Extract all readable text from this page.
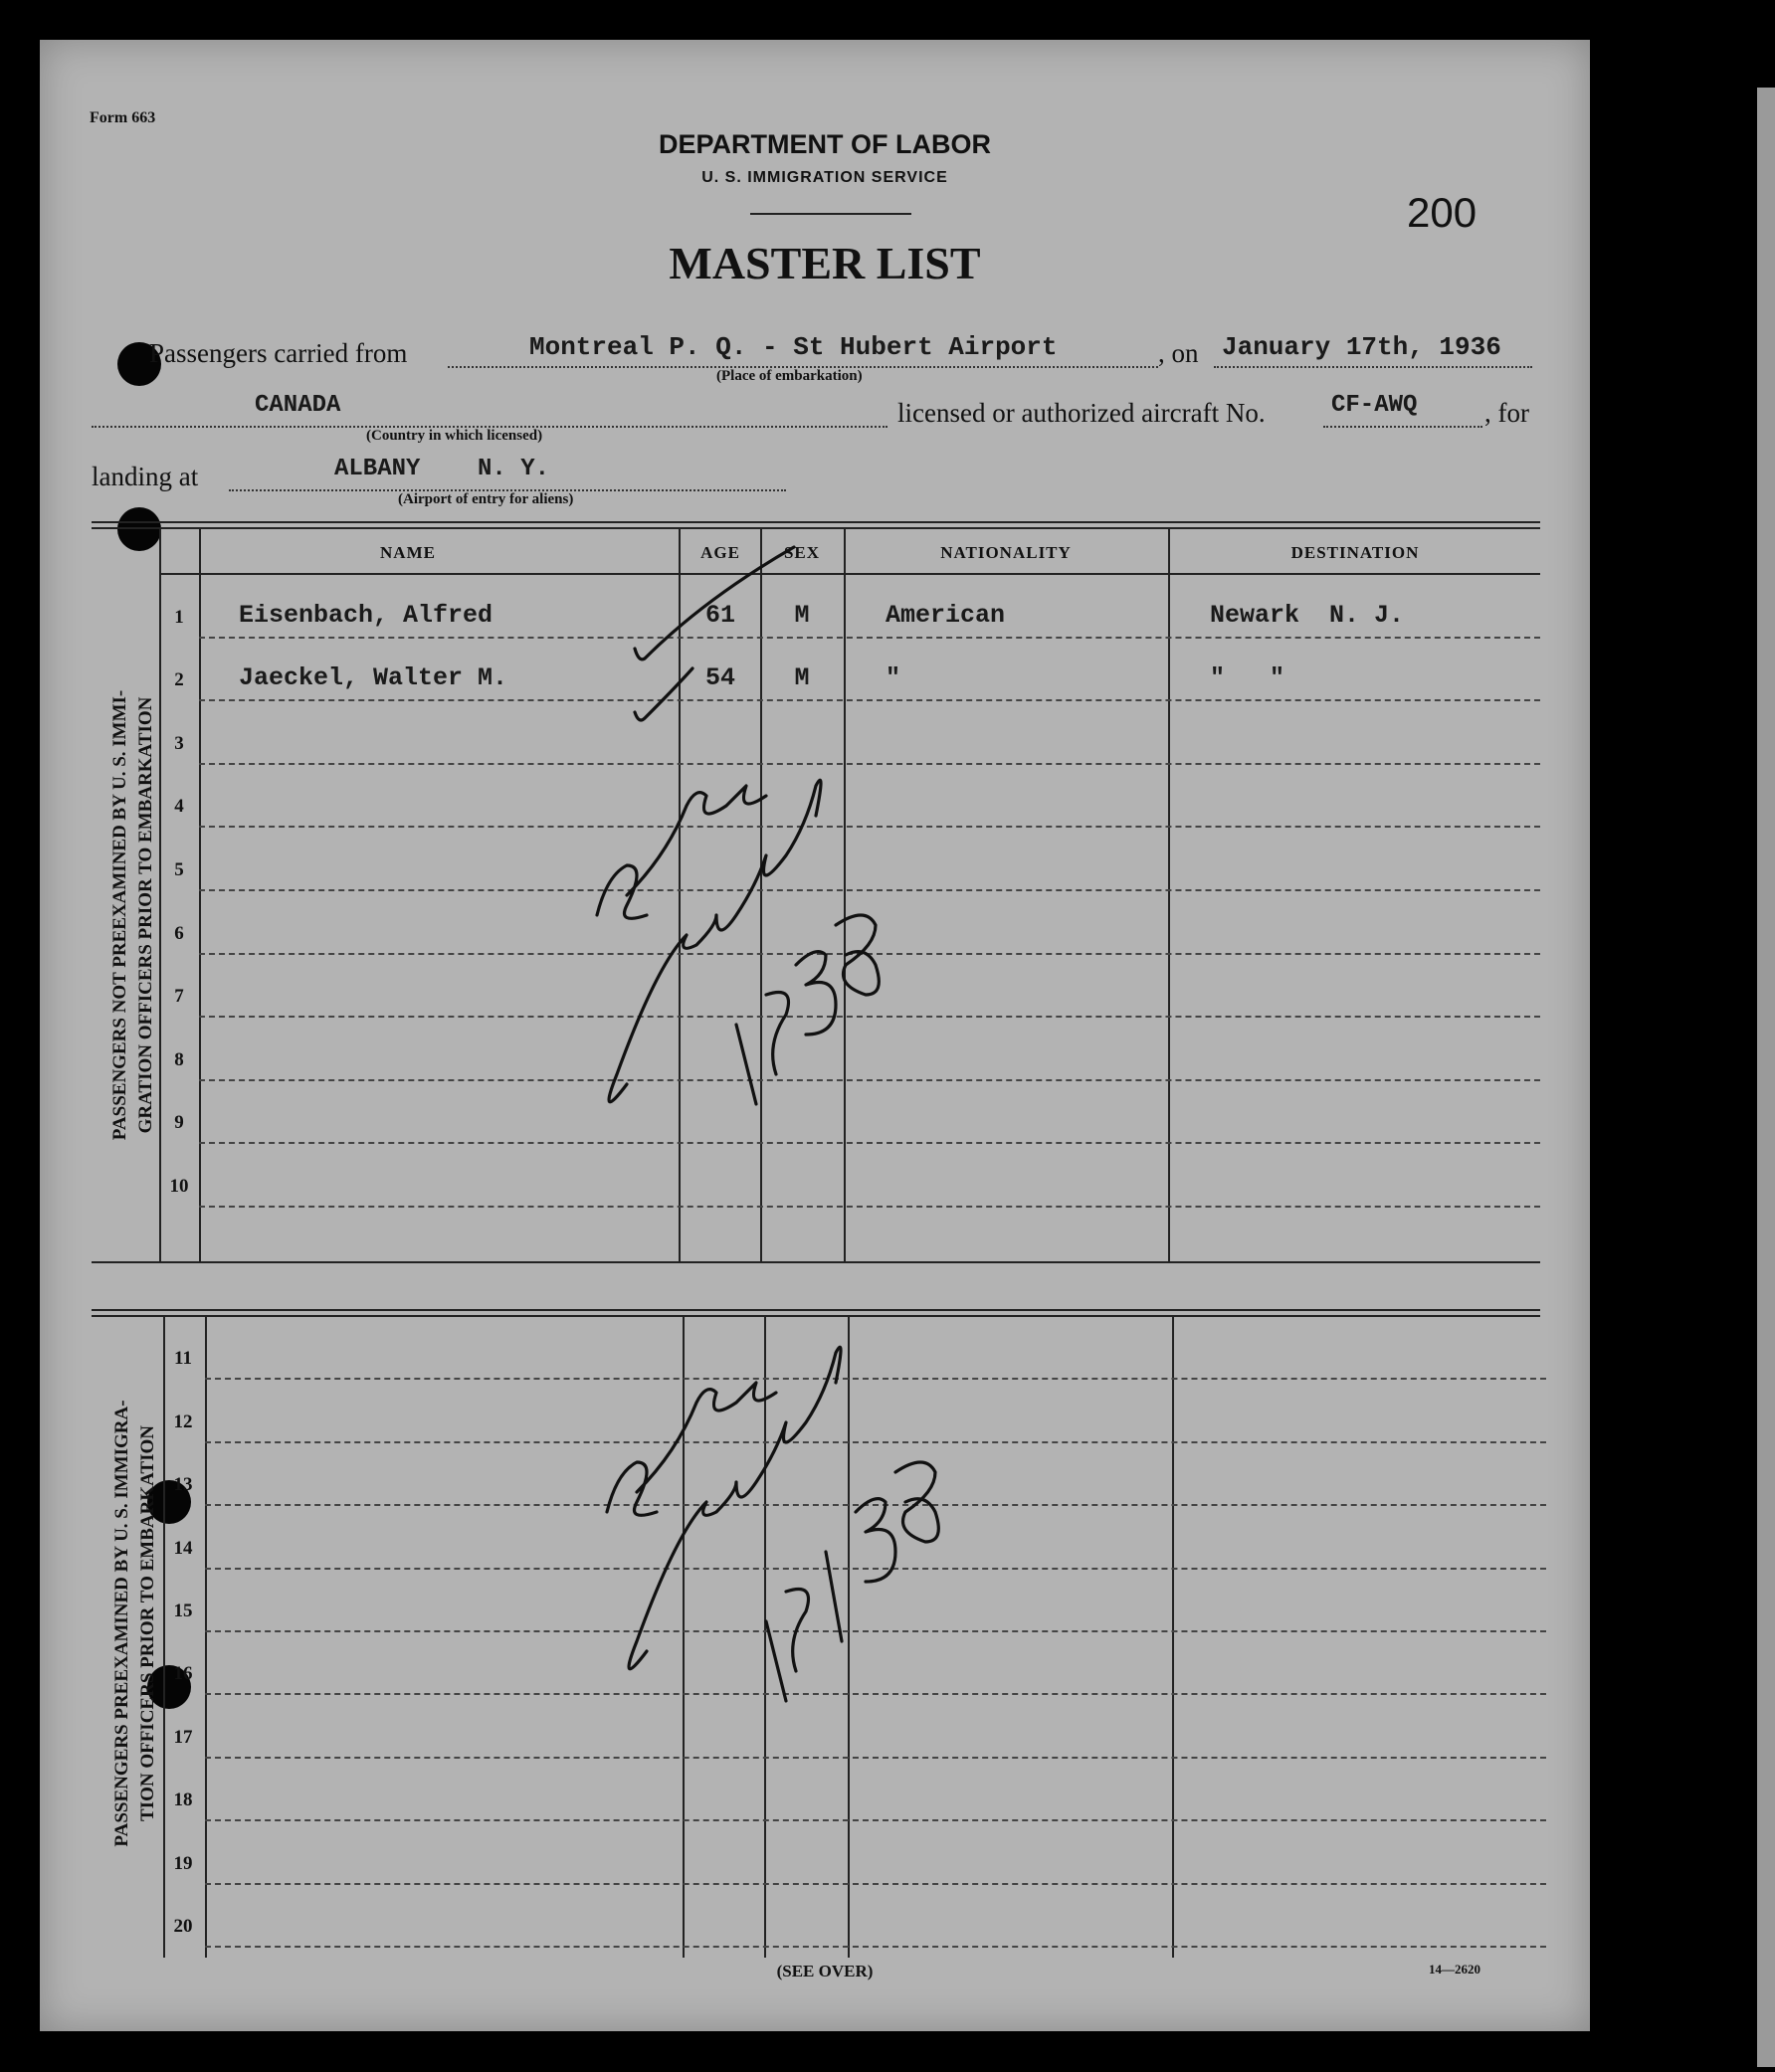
Form 663
DEPARTMENT OF LABOR
U. S. IMMIGRATION SERVICE
200
MASTER LIST
Passengers carried from	Montreal P. Q. - St Hubert Airport
(Place of embarkation)
, on January 17th, 1936
CANADA
(Country in which licensed)
licensed or authorized aircraft No.	CF-AWQ	, for
landing at	ALBANY    N. Y.
(Airport of entry for aliens)
NAME	AGE	SEX	NATIONALITY	DESTINATION
PASSENGERS NOT PREEXAMINED BY U. S. IMMI- GRATION OFFICERS PRIOR TO EMBARKATION
PASSENGERS PREEXAMINED BY U. S. IMMIGRA- TION OFFICERS PRIOR TO EMBARKATION
1	Eisenbach, Alfred	61	M	American	Newark  N. J.
2	Jaeckel, Walter M.	54	M	"	"   "
3
4
5
6
7
8
9
10
11
12
13
14
15
16
17
18
19
20
(SEE OVER)	14—2620
